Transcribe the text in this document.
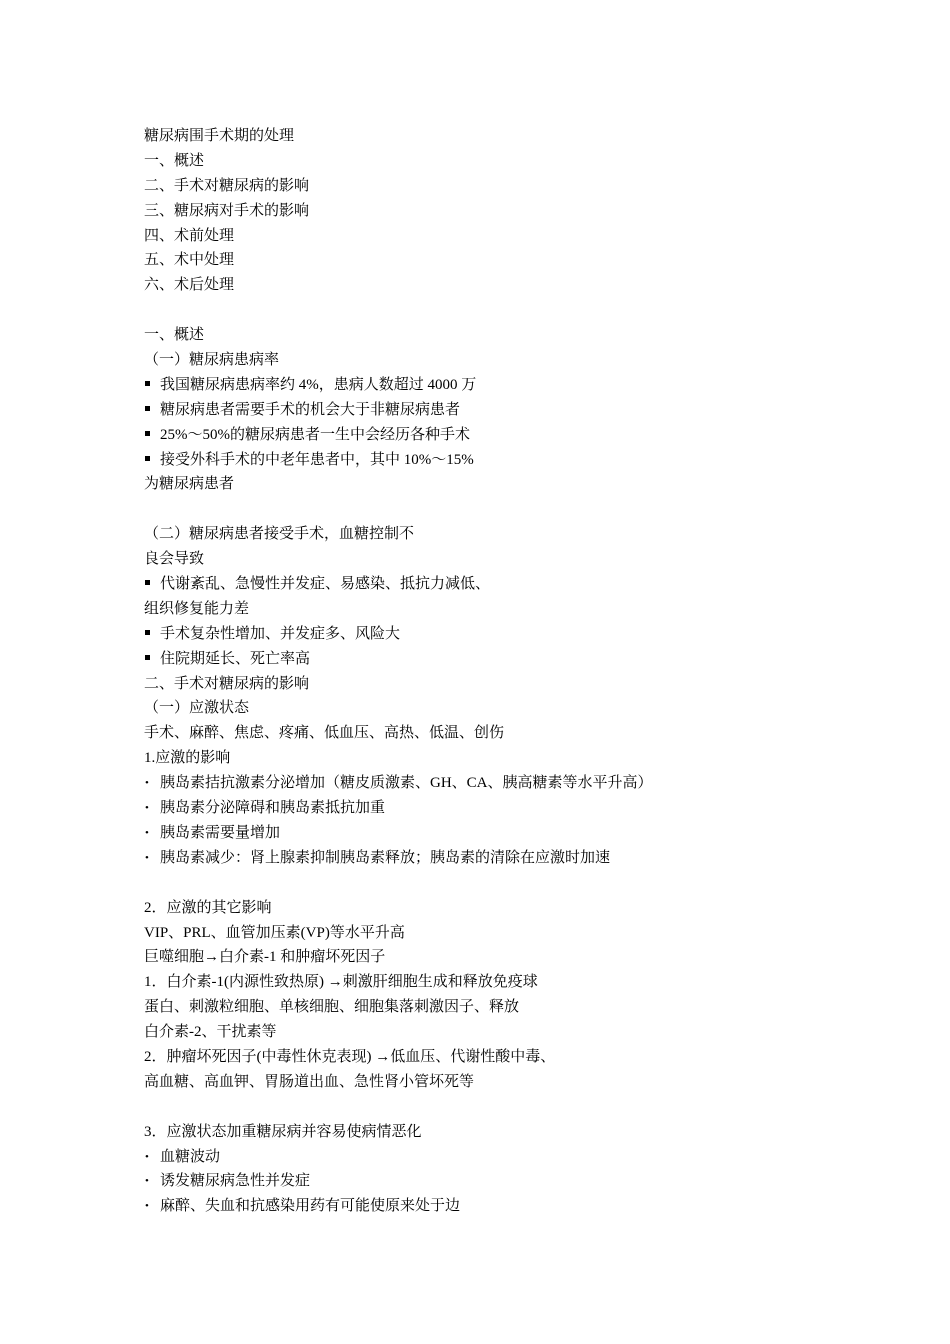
糖尿病围手术期的处理
一、概述
二、手术对糖尿病的影响
三、糖尿病对手术的影响
四、术前处理
五、术中处理
六、术后处理
一、概述
（一）糖尿病患病率
我国糖尿病患病率约 4%，患病人数超过 4000 万
糖尿病患者需要手术的机会大于非糖尿病患者
25%～50%的糖尿病患者一生中会经历各种手术
接受外科手术的中老年患者中，其中 10%～15%
为糖尿病患者
（二）糖尿病患者接受手术，血糖控制不
良会导致
代谢紊乱、急慢性并发症、易感染、抵抗力减低、
组织修复能力差
手术复杂性增加、并发症多、风险大
住院期延长、死亡率高
二、手术对糖尿病的影响
（一）应激状态
手术、麻醉、焦虑、疼痛、低血压、高热、低温、创伤
1.应激的影响
•胰岛素拮抗激素分泌增加（糖皮质激素、GH、CA、胰高糖素等水平升高）
•胰岛素分泌障碍和胰岛素抵抗加重
•胰岛素需要量增加
•胰岛素减少：肾上腺素抑制胰岛素释放；胰岛素的清除在应激时加速
2．应激的其它影响
VIP、PRL、血管加压素(VP)等水平升高
巨噬细胞→白介素-1 和肿瘤坏死因子
1．白介素-1(内源性致热原) →刺激肝细胞生成和释放免疫球
蛋白、刺激粒细胞、单核细胞、细胞集落刺激因子、释放
白介素-2、干扰素等
2．肿瘤坏死因子(中毒性休克表现) →低血压、代谢性酸中毒、
高血糖、高血钾、胃肠道出血、急性肾小管坏死等
3．应激状态加重糖尿病并容易使病情恶化
•血糖波动
•诱发糖尿病急性并发症
•麻醉、失血和抗感染用药有可能使原来处于边
